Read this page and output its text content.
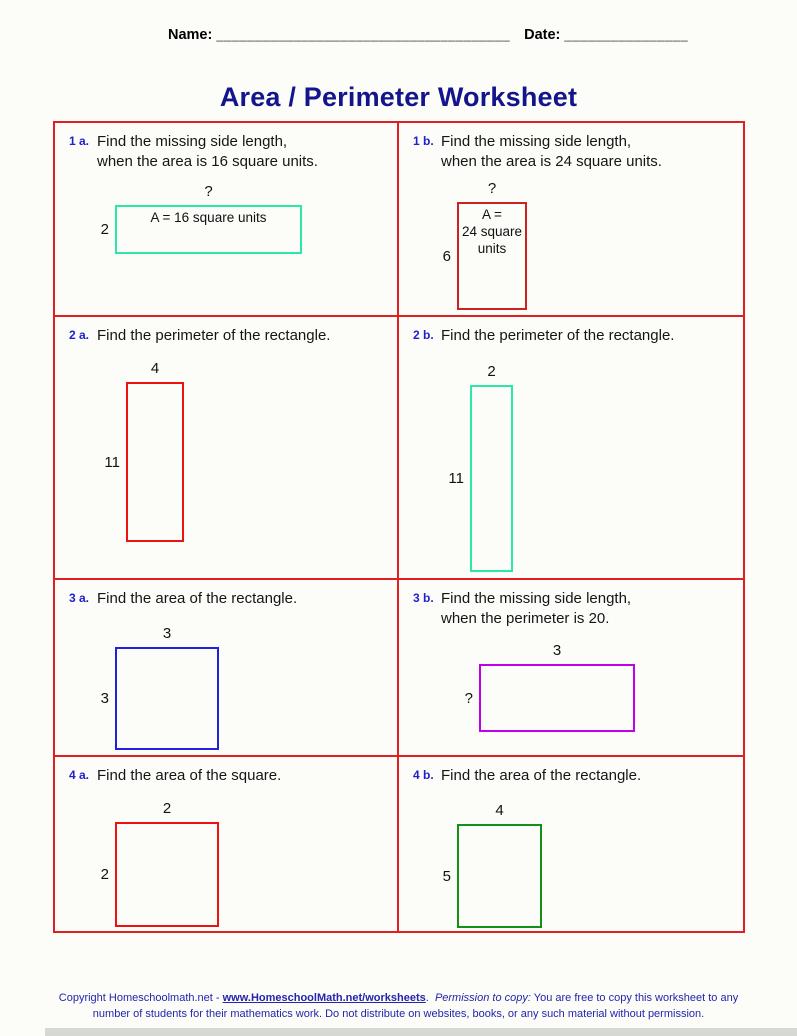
Name: ______________________________________ Date: ________________
Area / Perimeter Worksheet
1 a. Find the missing side length,
when the area is 16 square units.
?
2
A = 16 square units
1 b. Find the missing side length,
when the area is 24 square units.
?
6
A =
24 square
units
2 a. Find the perimeter of the rectangle.
4
11
2 b. Find the perimeter of the rectangle.
2
11
3 a. Find the area of the rectangle.
3
3
3 b. Find the missing side length,
when the perimeter is 20.
3
?
4 a. Find the area of the square.
2
2
4 b. Find the area of the rectangle.
4
5
Copyright Homeschoolmath.net - www.HomeschoolMath.net/worksheets.  Permission to copy: You are free to copy this worksheet to any
number of students for their mathematics work. Do not distribute on websites, books, or any such material without permission.
